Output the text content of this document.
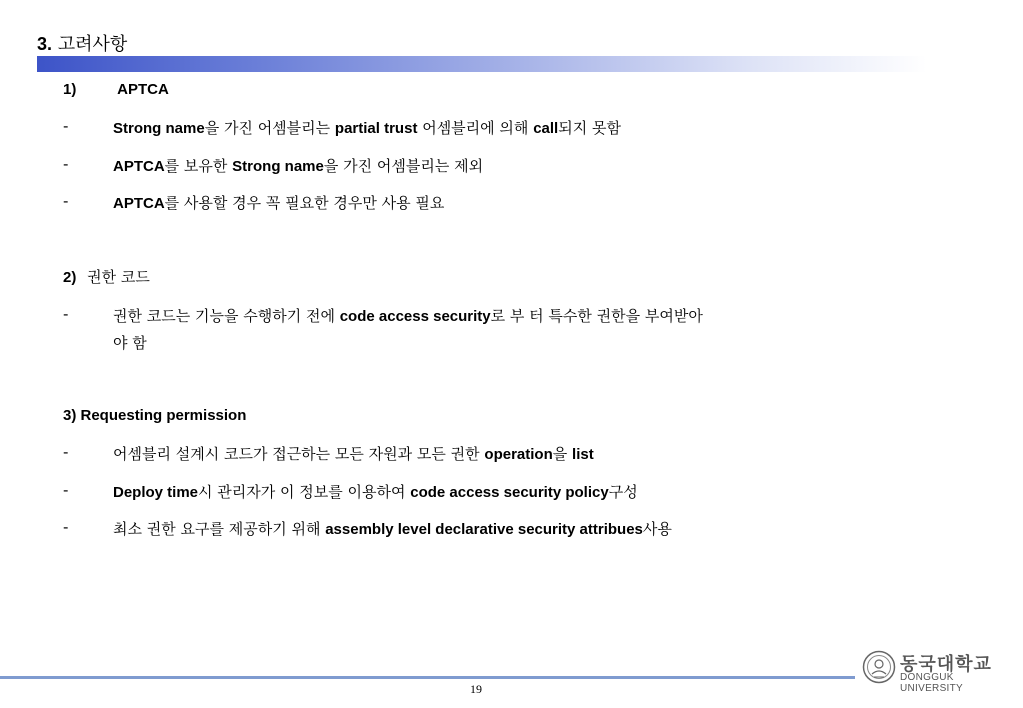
3. 고려사항
1)	APTCA
-	Strong name을 가진 어셈블리는 partial trust 어셈블리에 의해 call되지 못함
-	APTCA를 보유한 Strong name을 가진 어셈블리는 제외
-	APTCA를 사용할 경우 꼭 필요한 경우만 사용 필요
2) 권한 코드
-	권한 코드는 기능을 수행하기 전에 code access security로 부 터 특수한 권한을 부여받아
야 함
3) Requesting permission
-	어셈블리 설계시 코드가 접근하는 모든 자원과 모든 권한 operation을 list
-	Deploy time시 관리자가 이 정보를 이용하여 code access security policy구성
-	최소 권한 요구를 제공하기 위해 assembly level declarative security attribues사용
19
동국대학교
DONGGUK UNIVERSITY
